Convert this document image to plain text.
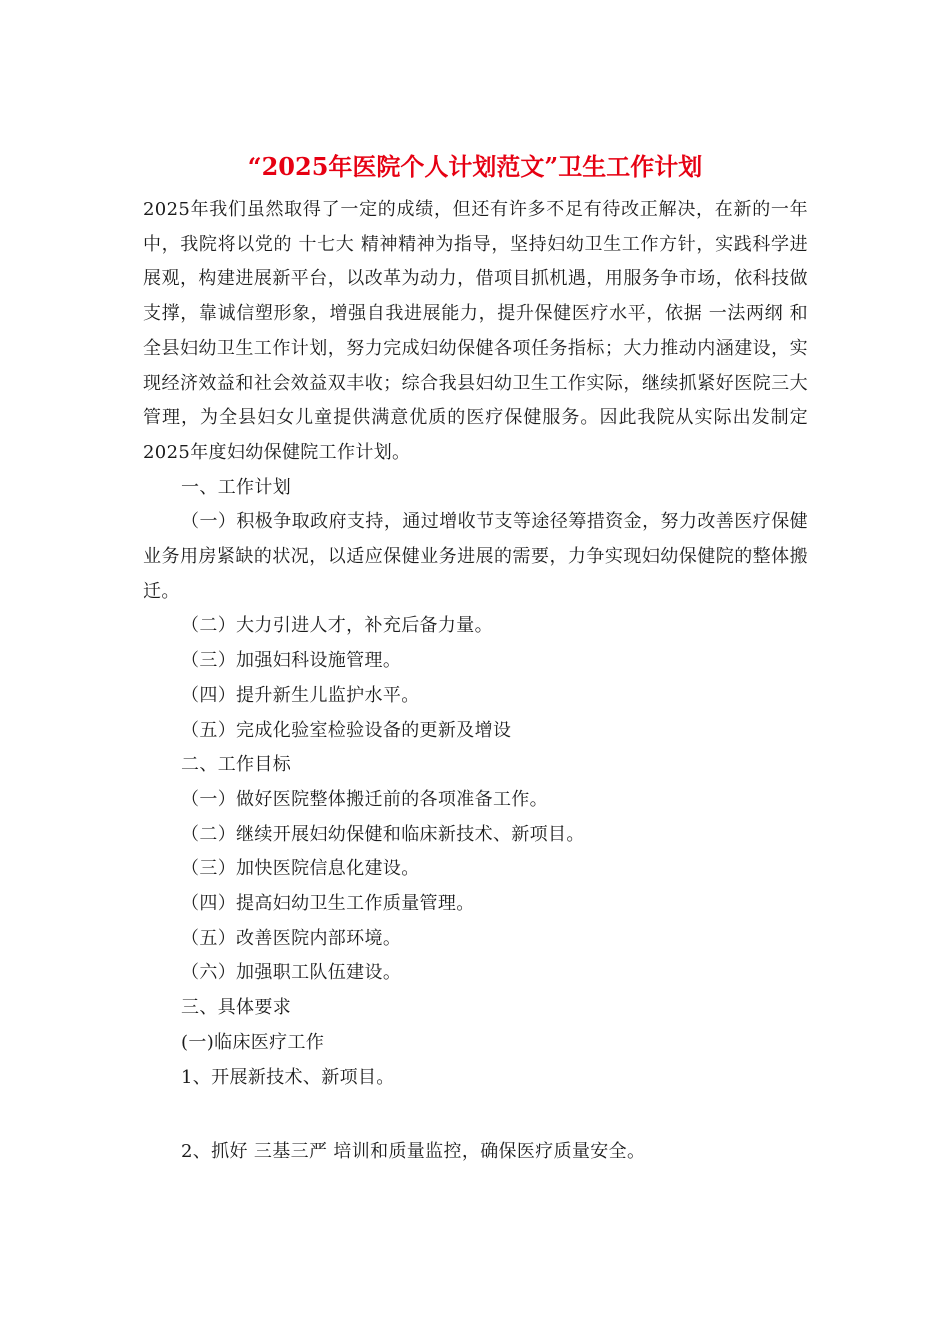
“2025年医院个人计划范文”卫生工作计划

2025年我们虽然取得了一定的成绩，但还有许多不足有待改正解决，在新的一年中，我院将以党的 十七大 精神精神为指导，坚持妇幼卫生工作方针，实践科学进展观，构建进展新平台，以改革为动力，借项目抓机遇，用服务争市场，依科技做支撑，靠诚信塑形象，增强自我进展能力，提升保健医疗水平，依据 一法两纲 和全县妇幼卫生工作计划，努力完成妇幼保健各项任务指标；大力推动内涵建设，实现经济效益和社会效益双丰收；综合我县妇幼卫生工作实际，继续抓紧好医院三大管理，为全县妇女儿童提供满意优质的医疗保健服务。因此我院从实际出发制定2025年度妇幼保健院工作计划。

一、工作计划

（一）积极争取政府支持，通过增收节支等途径筹措资金，努力改善医疗保健业务用房紧缺的状况，以适应保健业务进展的需要，力争实现妇幼保健院的整体搬迁。

（二）大力引进人才，补充后备力量。

（三）加强妇科设施管理。

（四）提升新生儿监护水平。

（五）完成化验室检验设备的更新及增设

二、工作目标

（一）做好医院整体搬迁前的各项准备工作。

（二）继续开展妇幼保健和临床新技术、新项目。

（三）加快医院信息化建设。

（四）提高妇幼卫生工作质量管理。

（五）改善医院内部环境。

（六）加强职工队伍建设。

三、具体要求

(一)临床医疗工作

1、开展新技术、新项目。

2、抓好 三基三严 培训和质量监控，确保医疗质量安全。
